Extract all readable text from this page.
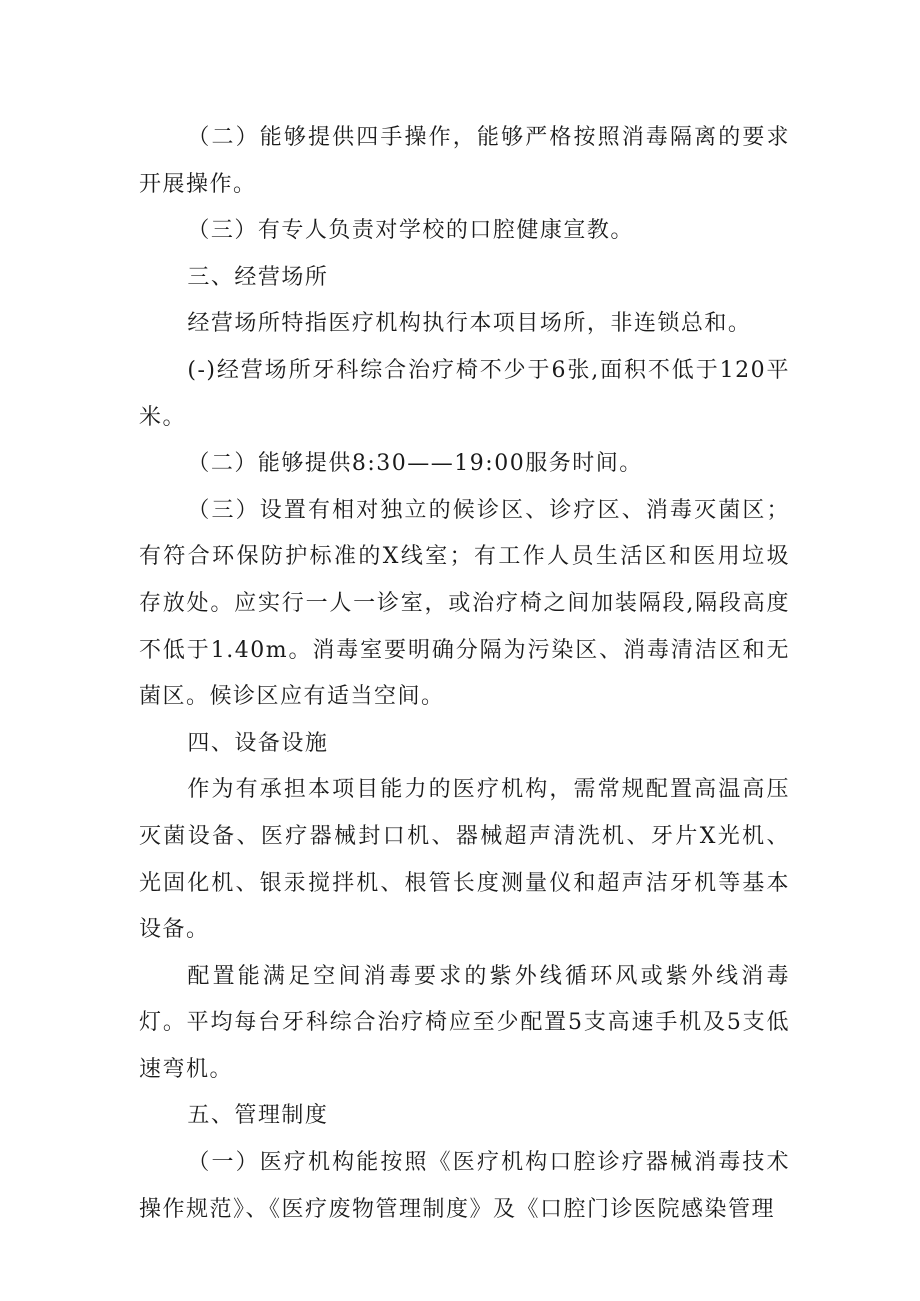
（二）能够提供四手操作，能够严格按照消毒隔离的要求开展操作。

（三）有专人负责对学校的口腔健康宣教。

三、经营场所

经营场所特指医疗机构执行本项目场所，非连锁总和。

(-)经营场所牙科综合治疗椅不少于6张,面积不低于120平米。

（二）能够提供8:30——19:00服务时间。

（三）设置有相对独立的候诊区、诊疗区、消毒灭菌区；有符合环保防护标准的X线室；有工作人员生活区和医用垃圾存放处。应实行一人一诊室，或治疗椅之间加装隔段,隔段高度不低于1.40m。消毒室要明确分隔为污染区、消毒清洁区和无菌区。候诊区应有适当空间。

四、设备设施

作为有承担本项目能力的医疗机构，需常规配置高温高压灭菌设备、医疗器械封口机、器械超声清洗机、牙片X光机、光固化机、银汞搅拌机、根管长度测量仪和超声洁牙机等基本设备。

配置能满足空间消毒要求的紫外线循环风或紫外线消毒灯。平均每台牙科综合治疗椅应至少配置5支高速手机及5支低速弯机。

五、管理制度

（一）医疗机构能按照《医疗机构口腔诊疗器械消毒技术操作规范》、《医疗废物管理制度》及《口腔门诊医院感染管理
